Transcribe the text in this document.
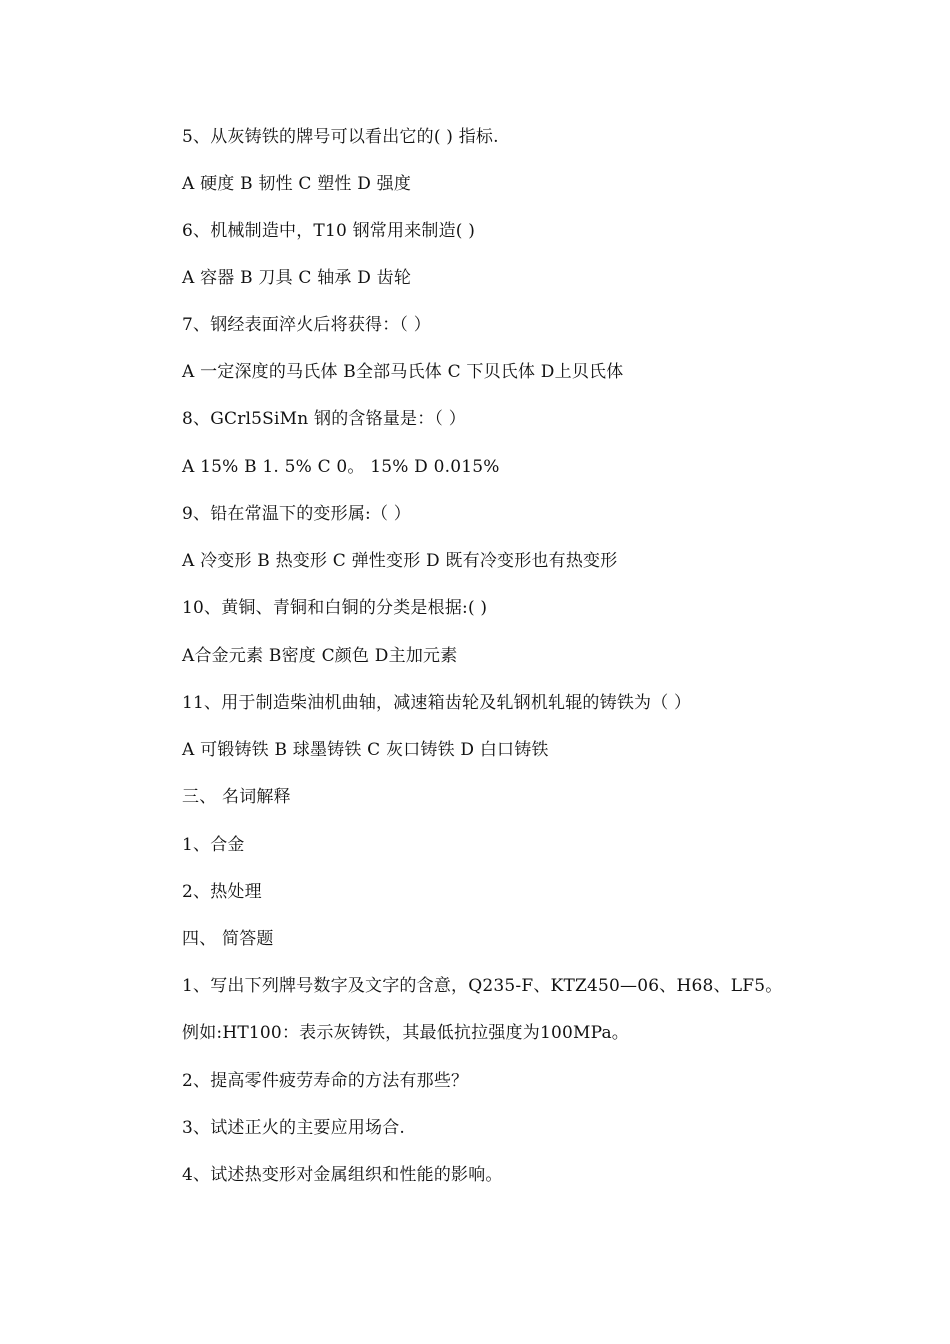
5、从灰铸铁的牌号可以看出它的( ) 指标.

A 硬度 B 韧性 C 塑性 D 强度

6、机械制造中，T10 钢常用来制造( )

A 容器 B 刀具 C 轴承 D 齿轮

7、钢经表面淬火后将获得：（ ）

A 一定深度的马氏体 B全部马氏体 C 下贝氏体 D上贝氏体

8、GCrl5SiMn 钢的含铬量是：（ ）

A 15% B 1. 5% C 0。 15% D 0.015%

9、铅在常温下的变形属:（ ）

A 冷变形 B 热变形 C 弹性变形 D 既有冷变形也有热变形

10、黄铜、青铜和白铜的分类是根据:( )

A合金元素 B密度 C颜色 D主加元素

11、用于制造柴油机曲轴，减速箱齿轮及轧钢机轧辊的铸铁为（ ）

A 可锻铸铁 B 球墨铸铁 C 灰口铸铁 D 白口铸铁

三、 名词解释

1、合金

2、热处理

四、 简答题

1、写出下列牌号数字及文字的含意，Q235-F、KTZ450—06、H68、LF5。

例如:HT100：表示灰铸铁，其最低抗拉强度为100MPa。

2、提高零件疲劳寿命的方法有那些？

3、试述正火的主要应用场合.

4、试述热变形对金属组织和性能的影响。
